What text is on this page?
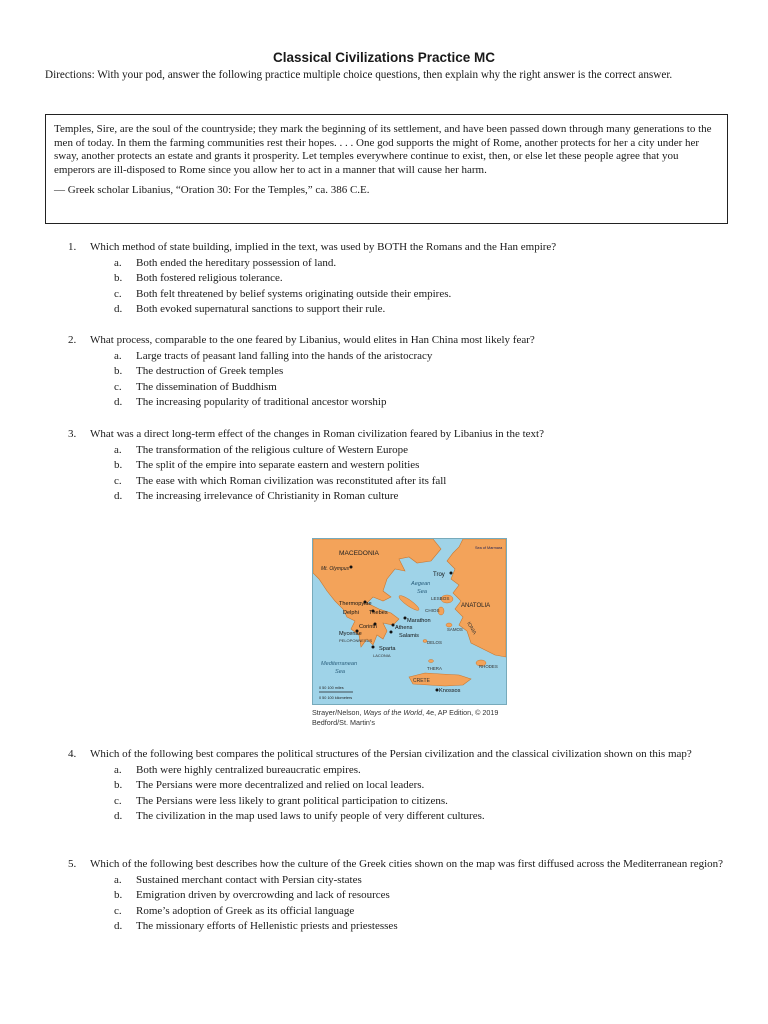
Classical Civilizations Practice MC
Directions: With your pod, answer the following practice multiple choice questions, then explain why the right answer is the correct answer.

Temples, Sire, are the soul of the countryside; they mark the beginning of its settlement, and have been passed down through many generations to the men of today. In them the farming communities rest their hopes. . . . One god supports the might of Rome, another protects for her a city under her sway, another protects an estate and grants it prosperity. Let temples everywhere continue to exist, then, or else let these people agree that you emperors are ill-disposed to Rome since you allow her to act in a manner that will cause her harm.

— Greek scholar Libanius, “Oration 30: For the Temples,” ca. 386 C.E.

1. Which method of state building, implied in the text, was used by BOTH the Romans and the Han empire?
a. Both ended the hereditary possession of land.
b. Both fostered religious tolerance.
c. Both felt threatened by belief systems originating outside their empires.
d. Both evoked supernatural sanctions to support their rule.
2. What process, comparable to the one feared by Libanius, would elites in Han China most likely fear?
a. Large tracts of peasant land falling into the hands of the aristocracy
b. The destruction of Greek temples
c. The dissemination of Buddhism
d. The increasing popularity of traditional ancestor worship
3. What was a direct long-term effect of the changes in Roman civilization feared by Libanius in the text?
a. The transformation of the religious culture of Western Europe
b. The split of the empire into separate eastern and western polities
c. The ease with which Roman civilization was reconstituted after its fall
d. The increasing irrelevance of Christianity in Roman culture
MACEDONIA
Mt. Olympus
Sea of Marmara
Troy
Aegean
Sea
LESBOS
ANATOLIA
Thermopylae
Delphi Thebes	CHIOS
Marathon
Corinth	Athens	SAMOS IONIA
Mycenae	Salamis
PELOPONNESUS	DELOS
Sparta
LACONIA
Mediterranean
Sea
THERA	RHODES
CRETE
Knossos
0 50 100 miles
0 50 100 kilometers
Strayer/Nelson, Ways of the World, 4e, AP Edition, © 2019 Bedford/St. Martin’s
4. Which of the following best compares the political structures of the Persian civilization and the classical civilization shown on this map?
a. Both were highly centralized bureaucratic empires.
b. The Persians were more decentralized and relied on local leaders.
c. The Persians were less likely to grant political participation to citizens.
d. The civilization in the map used laws to unify people of very different cultures.
5. Which of the following best describes how the culture of the Greek cities shown on the map was first diffused across the Mediterranean region?
a. Sustained merchant contact with Persian city-states
b. Emigration driven by overcrowding and lack of resources
c. Rome’s adoption of Greek as its official language
d. The missionary efforts of Hellenistic priests and priestesses
